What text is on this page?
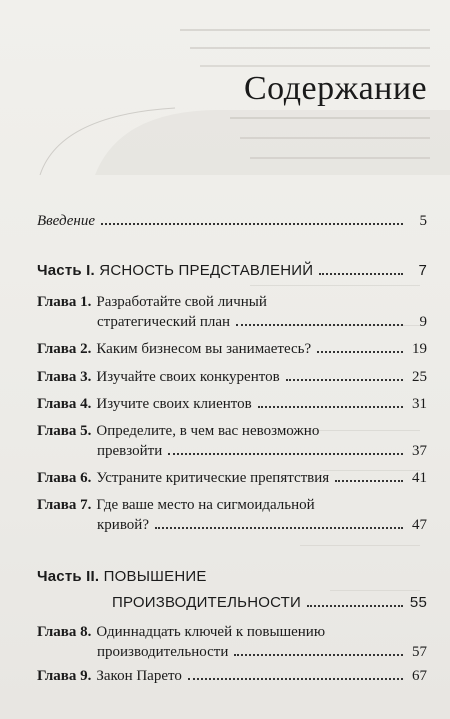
Содержание
Введение	5
Часть I.
ЯСНОСТЬ ПРЕДСТАВЛЕНИЙ	7
Глава 1. Разработайте свой личный
стратегический план	9
Глава 2. Каким бизнесом вы занимаетесь?	19
Глава 3. Изучайте своих конкурентов	25
Глава 4. Изучите своих клиентов	31
Глава 5. Определите, в чем вас невозможно
превзойти	37
Глава 6. Устраните критические препятствия	41
Глава 7. Где ваше место на сигмоидальной
кривой?	47
Часть II.
ПОВЫШЕНИЕ
ПРОИЗВОДИТЕЛЬНОСТИ	55
Глава 8. Одиннадцать ключей к повышению
производительности	57
Глава 9. Закон Парето	67
